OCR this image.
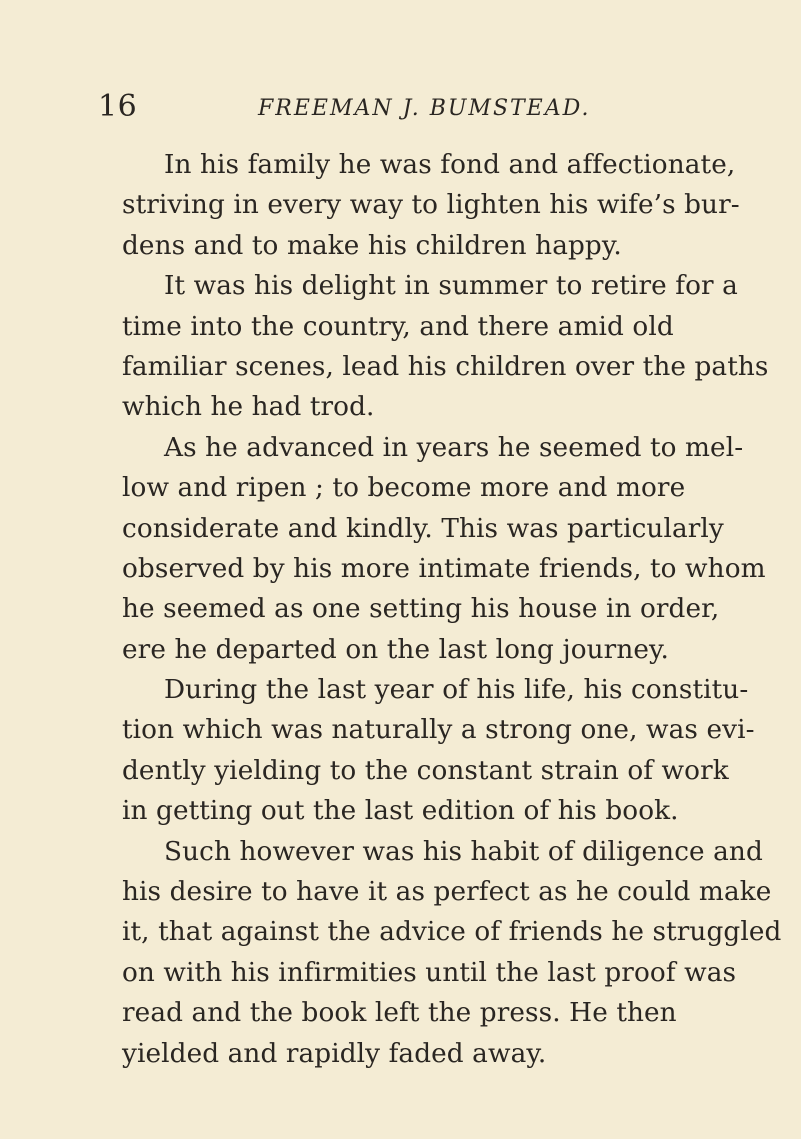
16	FREEMAN J. BUMSTEAD.
In his family he was fond and affectionate,
striving in every way to lighten his wife’s bur-
dens and to make his children happy.
It was his delight in summer to retire for a
time into the country, and there amid old
familiar scenes, lead his children over the paths
which he had trod.
As he advanced in years he seemed to mel-
low and ripen ; to become more and more
considerate and kindly. This was particularly
observed by his more intimate friends, to whom
he seemed as one setting his house in order,
ere he departed on the last long journey.
During the last year of his life, his constitu-
tion which was naturally a strong one, was evi-
dently yielding to the constant strain of work
in getting out the last edition of his book.
Such however was his habit of diligence and
his desire to have it as perfect as he could make
it, that against the advice of friends he struggled
on with his infirmities until the last proof was
read and the book left the press. He then
yielded and rapidly faded away.
